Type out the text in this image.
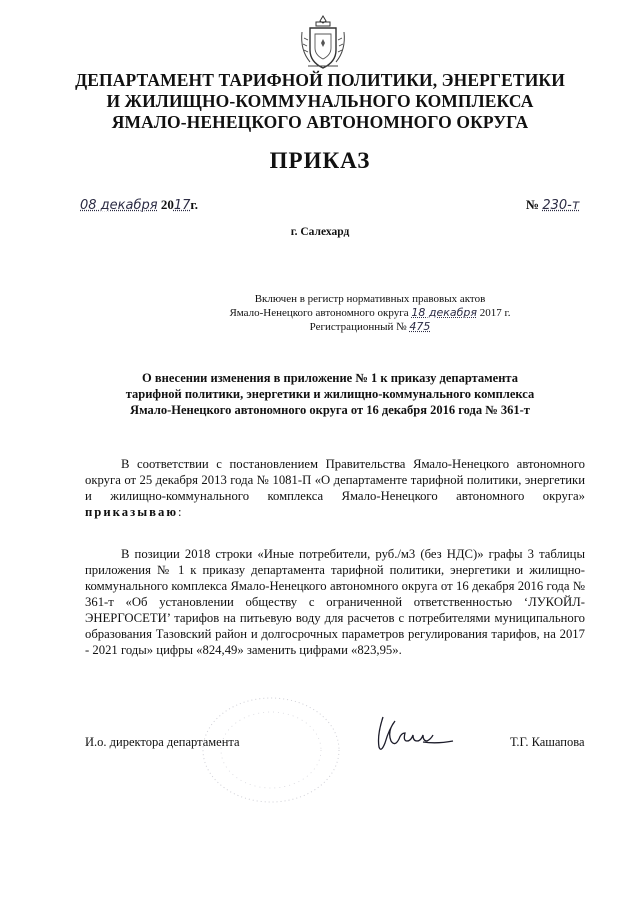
ДЕПАРТАМЕНТ ТАРИФНОЙ ПОЛИТИКИ, ЭНЕРГЕТИКИ
И ЖИЛИЩНО-КОММУНАЛЬНОГО КОМПЛЕКСА
ЯМАЛО-НЕНЕЦКОГО АВТОНОМНОГО ОКРУГА
ПРИКАЗ
08 декабря 2017г.	№ 230-т
г. Салехард
Включен в регистр нормативных правовых актов
Ямало-Ненецкого автономного округа 18 декабря 2017 г.
Регистрационный № 475
О внесении изменения в приложение № 1 к приказу департамента
тарифной политики, энергетики и жилищно-коммунального комплекса
Ямало-Ненецкого автономного округа от 16 декабря 2016 года № 361-т
В соответствии с постановлением Правительства Ямало-Ненецкого автономного округа от 25 декабря 2013 года № 1081-П «О департаменте тарифной политики, энергетики и жилищно-коммунального комплекса Ямало-Ненецкого автономного округа» приказываю:
В позиции 2018 строки «Иные потребители, руб./м3 (без НДС)» графы 3 таблицы приложения № 1 к приказу департамента тарифной политики, энергетики и жилищно-коммунального комплекса Ямало-Ненецкого автономного округа от 16 декабря 2016 года № 361-т «Об установлении обществу с ограниченной ответственностью ‘ЛУКОЙЛ-ЭНЕРГОСЕТИ’ тарифов на питьевую воду для расчетов с потребителями муниципального образования Тазовский район и долгосрочных параметров регулирования тарифов, на 2017 - 2021 годы» цифры «824,49» заменить цифрами «823,95».
И.о. директора департамента	Т.Г. Кашапова
